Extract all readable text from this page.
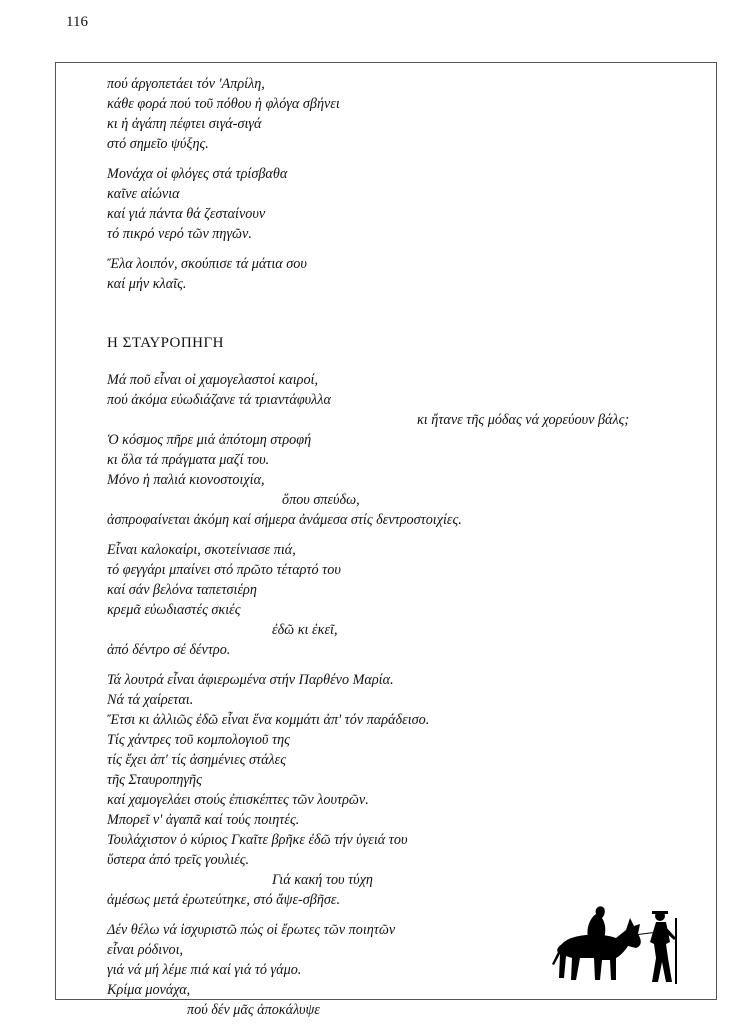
116
πού άργοπετάει τόν 'Απρίλη,
κάθε φορά πού τοῦ πόθου ἡ φλόγα σβήνει
κι ἡ ἀγάπη πέφτει σιγά-σιγά
στό σημεῖο ψύξης.
Μονάχα οἱ φλόγες στά τρίσβαθα
καῖνε αἰώνια
καί γιά πάντα θά ζεσταίνουν
τό πικρό νερό τῶν πηγῶν.
Ἔλα λοιπόν, σκούπισε τά μάτια σου
καί μήν κλαῖς.
Η ΣΤΑΥΡΟΠΗΓΗ
Μά ποῦ εἶναι οἱ χαμογελαστοί καιροί,
πού ἀκόμα εὐωδιάζανε τά τριαντάφυλλα
κι ἤτανε τῆς μόδας νά χορεύουν βάλς;
Ὁ κόσμος πῆρε μιά ἀπότομη στροφή
κι ὅλα τά πράγματα μαζί του.
Μόνο ἡ παλιά κιονοστοιχία,
ὅπου σπεύδω,
ἀσπροφαίνεται ἀκόμη καί σήμερα ἀνάμεσα στίς δεντροστοιχίες.
Εἶναι καλοκαίρι, σκοτείνιασε πιά,
τό φεγγάρι μπαίνει στό πρῶτο τέταρτό του
καί σάν βελόνα ταπετσιέρη
κρεμᾶ εὐωδιαστές σκιές
ἐδῶ κι ἐκεῖ,
ἀπό δέντρο σέ δέντρο.
Τά λουτρά εἶναι ἀφιερωμένα στήν Παρθένο Μαρία.
Νά τά χαίρεται.
Ἔτσι κι ἀλλιῶς ἐδῶ εἶναι ἕνα κομμάτι ἀπ' τόν παράδεισο.
Τίς χάντρες τοῦ κομπολογιοῦ της
τίς ἔχει ἀπ' τίς ἀσημένιες στάλες
τῆς Σταυροπηγῆς
καί χαμογελάει στούς ἐπισκέπτες τῶν λουτρῶν.
Μπορεῖ ν' ἀγαπᾶ καί τούς ποιητές.
Τουλάχιστον ὁ κύριος Γκαῖτε βρῆκε ἐδῶ τήν ὑγειά του
ὕστερα ἀπό τρεῖς γουλιές.
Γιά κακή του τύχη
ἀμέσως μετά ἐρωτεύτηκε, στό ἄψε-σβῆσε.
Δέν θέλω νά ἰσχυριστῶ πώς οἱ ἔρωτες τῶν ποιητῶν
εἶναι ρόδινοι,
γιά νά μή λέμε πιά καί γιά τό γάμο.
Κρίμα μονάχα,
πού δέν μᾶς ἀποκάλυψε
